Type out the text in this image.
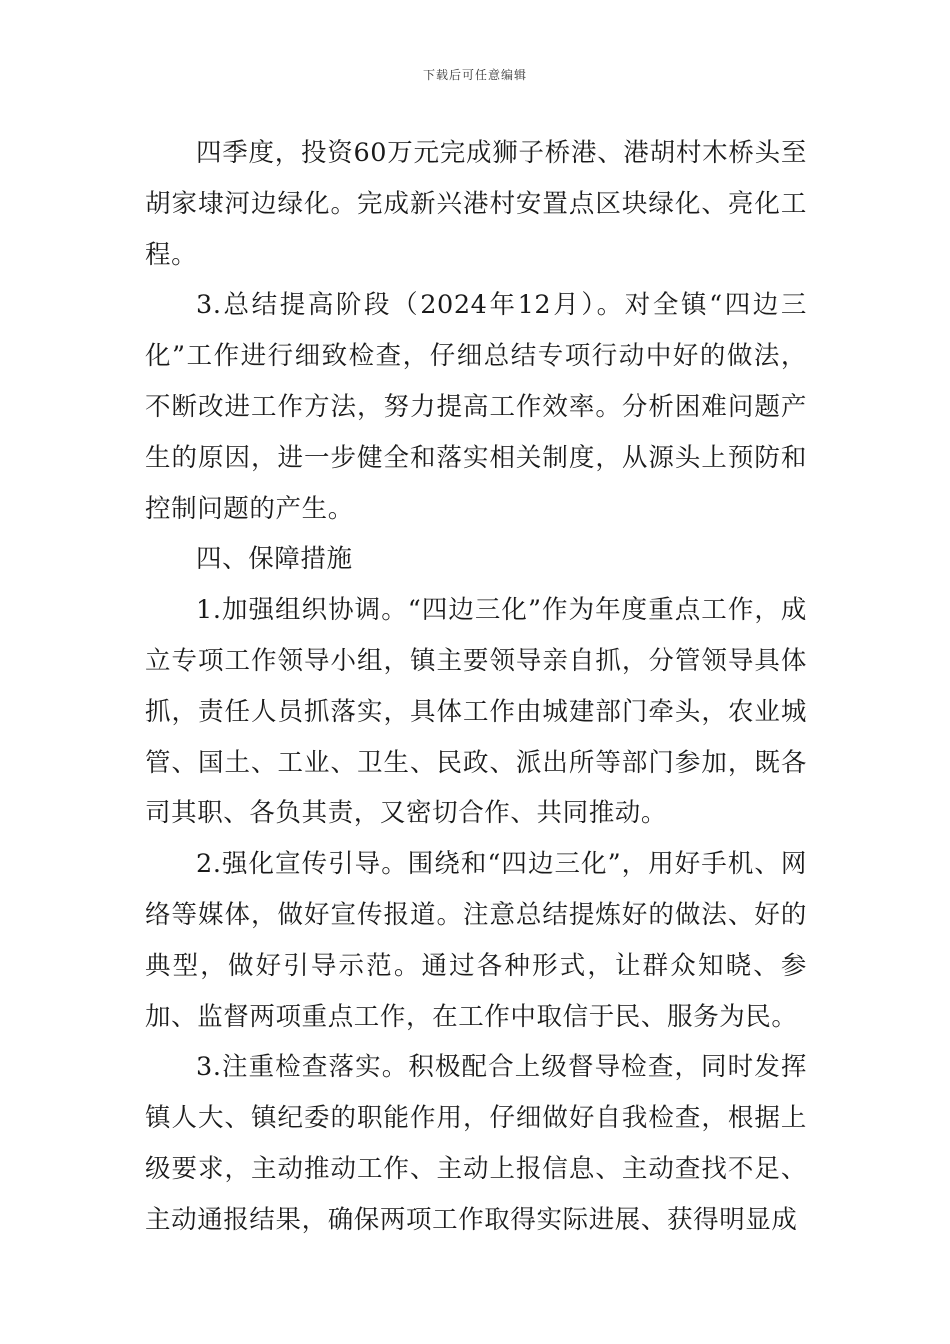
下载后可任意编辑

四季度，投资60万元完成狮子桥港、港胡村木桥头至胡家埭河边绿化。完成新兴港村安置点区块绿化、亮化工程。

3.总结提高阶段（2024年12月）。对全镇“四边三化”工作进行细致检查，仔细总结专项行动中好的做法，不断改进工作方法，努力提高工作效率。分析困难问题产生的原因，进一步健全和落实相关制度，从源头上预防和控制问题的产生。

四、保障措施

1.加强组织协调。“四边三化”作为年度重点工作，成立专项工作领导小组，镇主要领导亲自抓，分管领导具体抓，责任人员抓落实，具体工作由城建部门牵头，农业城管、国土、工业、卫生、民政、派出所等部门参加，既各司其职、各负其责，又密切合作、共同推动。

2.强化宣传引导。围绕和“四边三化”，用好手机、网络等媒体，做好宣传报道。注意总结提炼好的做法、好的典型，做好引导示范。通过各种形式，让群众知晓、参加、监督两项重点工作，在工作中取信于民、服务为民。

3.注重检查落实。积极配合上级督导检查，同时发挥镇人大、镇纪委的职能作用，仔细做好自我检查，根据上级要求，主动推动工作、主动上报信息、主动查找不足、主动通报结果，确保两项工作取得实际进展、获得明显成
